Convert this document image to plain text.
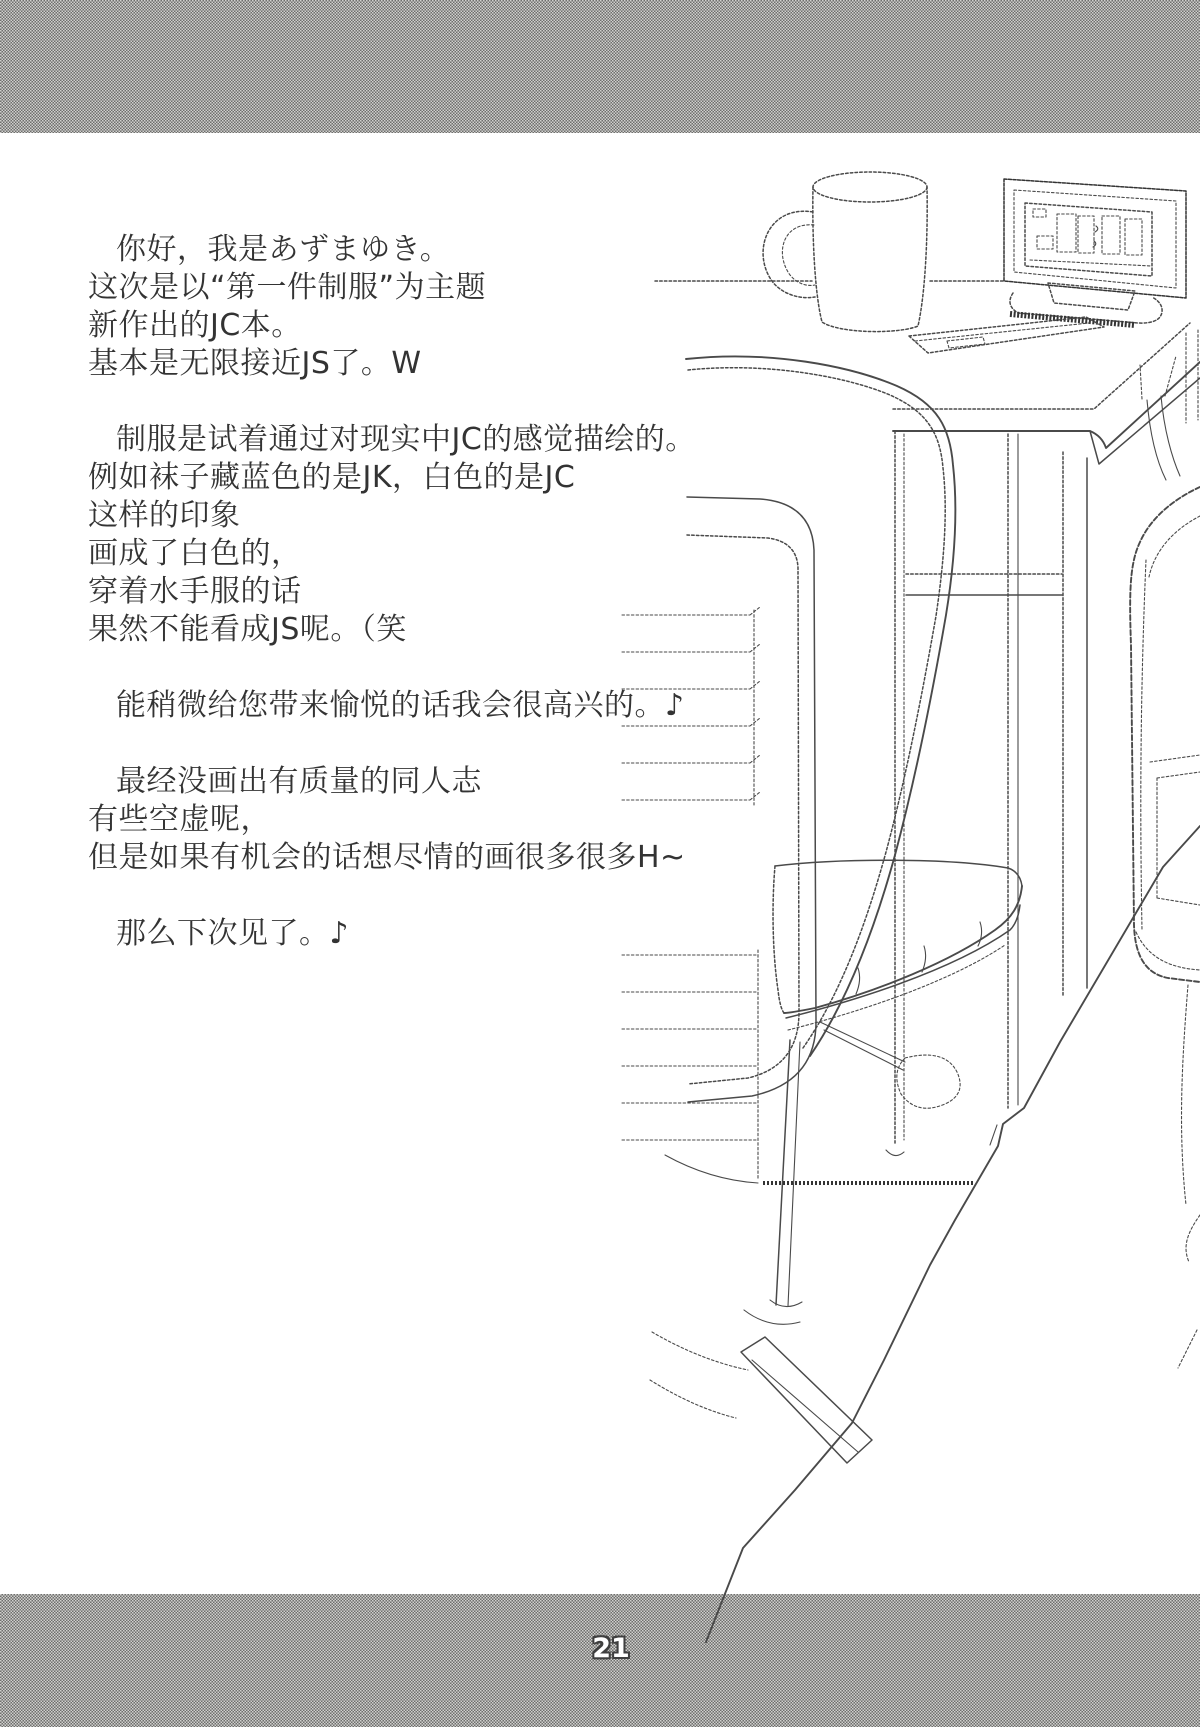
你好，我是あずまゆき。
这次是以“第一件制服”为主题
新作出的JC本。
基本是无限接近JS了。W

制服是试着通过对现实中JC的感觉描绘的。
例如袜子藏蓝色的是JK，白色的是JC
这样的印象
画成了白色的，
穿着水手服的话
果然不能看成JS呢。（笑

能稍微给您带来愉悦的话我会很高兴的。♪

最经没画出有质量的同人志
有些空虚呢，
但是如果有机会的话想尽情的画很多很多H~

那么下次见了。♪
21
